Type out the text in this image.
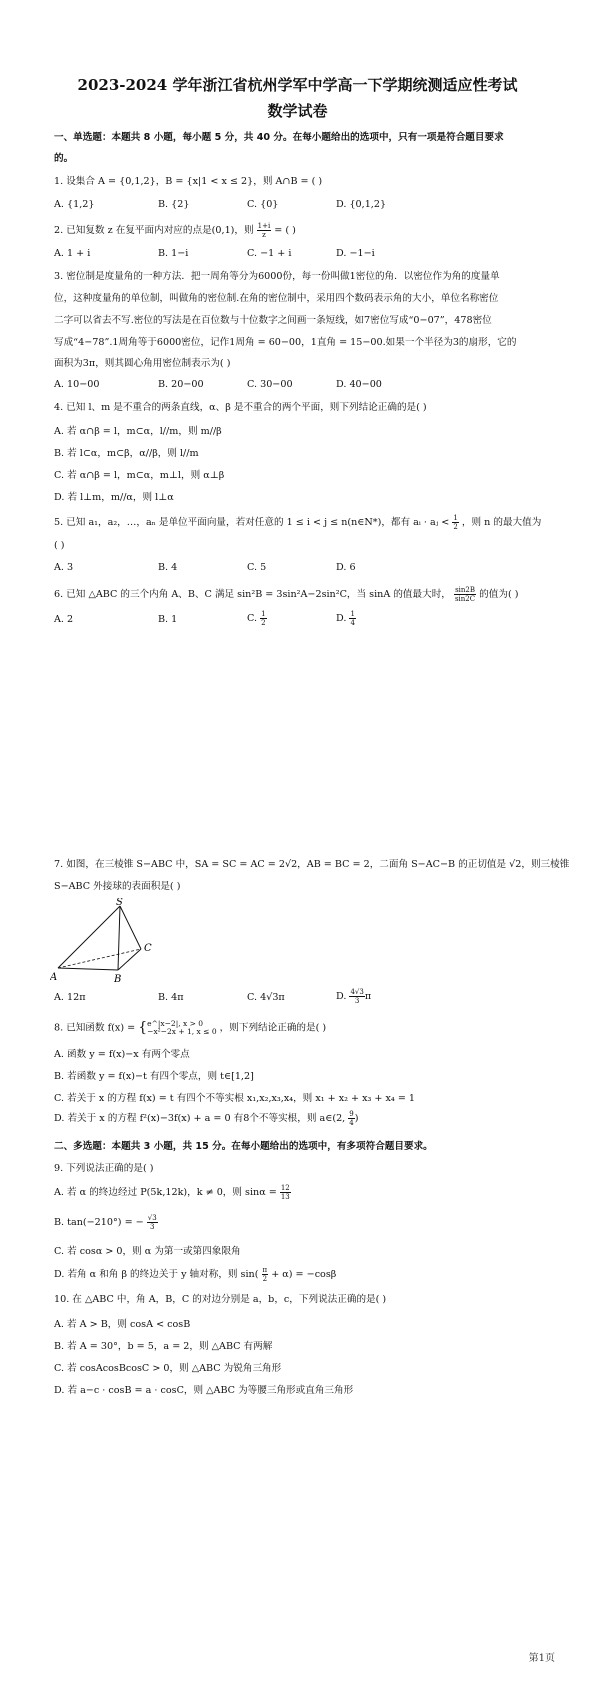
2023-2024 学年浙江省杭州学军中学高一下学期统测适应性考试
数学试卷
一、单选题：本题共 8 小题，每小题 5 分，共 40 分。在每小题给出的选项中，只有一项是符合题目要求
的。
1. 设集合 A = {0,1,2}，B = {x|1 < x ≤ 2}，则 A∩B = ( )
A. {1,2}	B. {2}	C. {0}	D. {0,1,2}
2. 已知复数 z 在复平面内对应的点是(0,1)，则 $\frac{1+i}{z}$ = ( )
A. 1 + i	B. 1−i	C. −1 + i	D. −1−i
3. 密位制是度量角的一种方法．把一周角等分为6000份，每一份叫做1密位的角．以密位作为角的度量单
位，这种度量角的单位制，叫做角的密位制.在角的密位制中，采用四个数码表示角的大小，单位名称密位
二字可以省去不写.密位的写法是在百位数与十位数字之间画一条短线，如7密位写成“0−07”，478密位
写成“4−78”.1周角等于6000密位，记作1周角 = 60−00，1直角 = 15−00.如果一个半径为3的扇形，它的
面积为3π，则其圆心角用密位制表示为( )
A. 10−00	B. 20−00	C. 30−00	D. 40−00
4. 已知 l、m 是不重合的两条直线，α、β 是不重合的两个平面，则下列结论正确的是( )
A. 若 α∩β = l，m⊂α，l//m，则 m//β
B. 若 l⊂α，m⊂β，α//β，则 l//m
C. 若 α∩β = l，m⊂α，m⊥l，则 α⊥β
D. 若 l⊥m，m//α，则 l⊥α
5. 已知 a₁，a₂，…，aₙ 是单位平面向量，若对任意的 1 ≤ i < j ≤ n(n∈N*)，都有 aᵢ · aⱼ < $\frac{1}{2}$ ，则 n 的最大值为
( )
A. 3	B. 4	C. 5	D. 6
6. 已知 △ABC 的三个内角 A、B、C 满足 sin²B = 3sin²A−2sin²C，当 sinA 的值最大时， $\frac{\sin 2B}{\sin 2C}$ 的值为( )
A. 2	B. 1	C. $\frac{1}{2}$	D. $\frac{1}{4}$
7. 如图，在三棱锥 S−ABC 中，SA = SC = AC = 2√2，AB = BC = 2，二面角 S−AC−B 的正切值是 √2，则三棱锥
S−ABC 外接球的表面积是( )
S
A	B
C
A. 12π	B. 4π	C. 4√3π	D. $\frac{4√3}{3}$ π
8. 已知函数 f(x) = { e^|x−2|, x > 0
−x²−2x + 1, x ≤ 0 ，则下列结论正确的是( )
A. 函数 y = f(x)−x 有两个零点
B. 若函数 y = f(x)−t 有四个零点，则 t∈[1,2]
C. 若关于 x 的方程 f(x) = t 有四个不等实根 x₁,x₂,x₃,x₄，则 x₁ + x₂ + x₃ + x₄ = 1
D. 若关于 x 的方程 f²(x)−3f(x) + a = 0 有8个不等实根，则 a∈(2, $\frac{9}{4}$ )
二、多选题：本题共 3 小题，共 15 分。在每小题给出的选项中，有多项符合题目要求。
9. 下列说法正确的是( )
A. 若 α 的终边经过 P(5k,12k)，k ≠ 0，则 $\sin\alpha = \frac{12}{13}$
B. tan(−210°) = − $\frac{√3}{3}$
C. 若 cosα > 0，则 α 为第一或第四象限角
D. 若角 α 和角 β 的终边关于 y 轴对称，则 $\sin( \frac{\pi}{2} + \alpha) = -\cos\beta$
10. 在 △ABC 中，角 A，B，C 的对边分别是 a，b，c，下列说法正确的是( )
A. 若 A > B，则 cosA < cosB
B. 若 A = 30°，b = 5，a = 2，则 △ABC 有两解
C. 若 cosAcosBcosC > 0，则 △ABC 为锐角三角形
D. 若 a−c · cosB = a · cosC，则 △ABC 为等腰三角形或直角三角形
第1页
